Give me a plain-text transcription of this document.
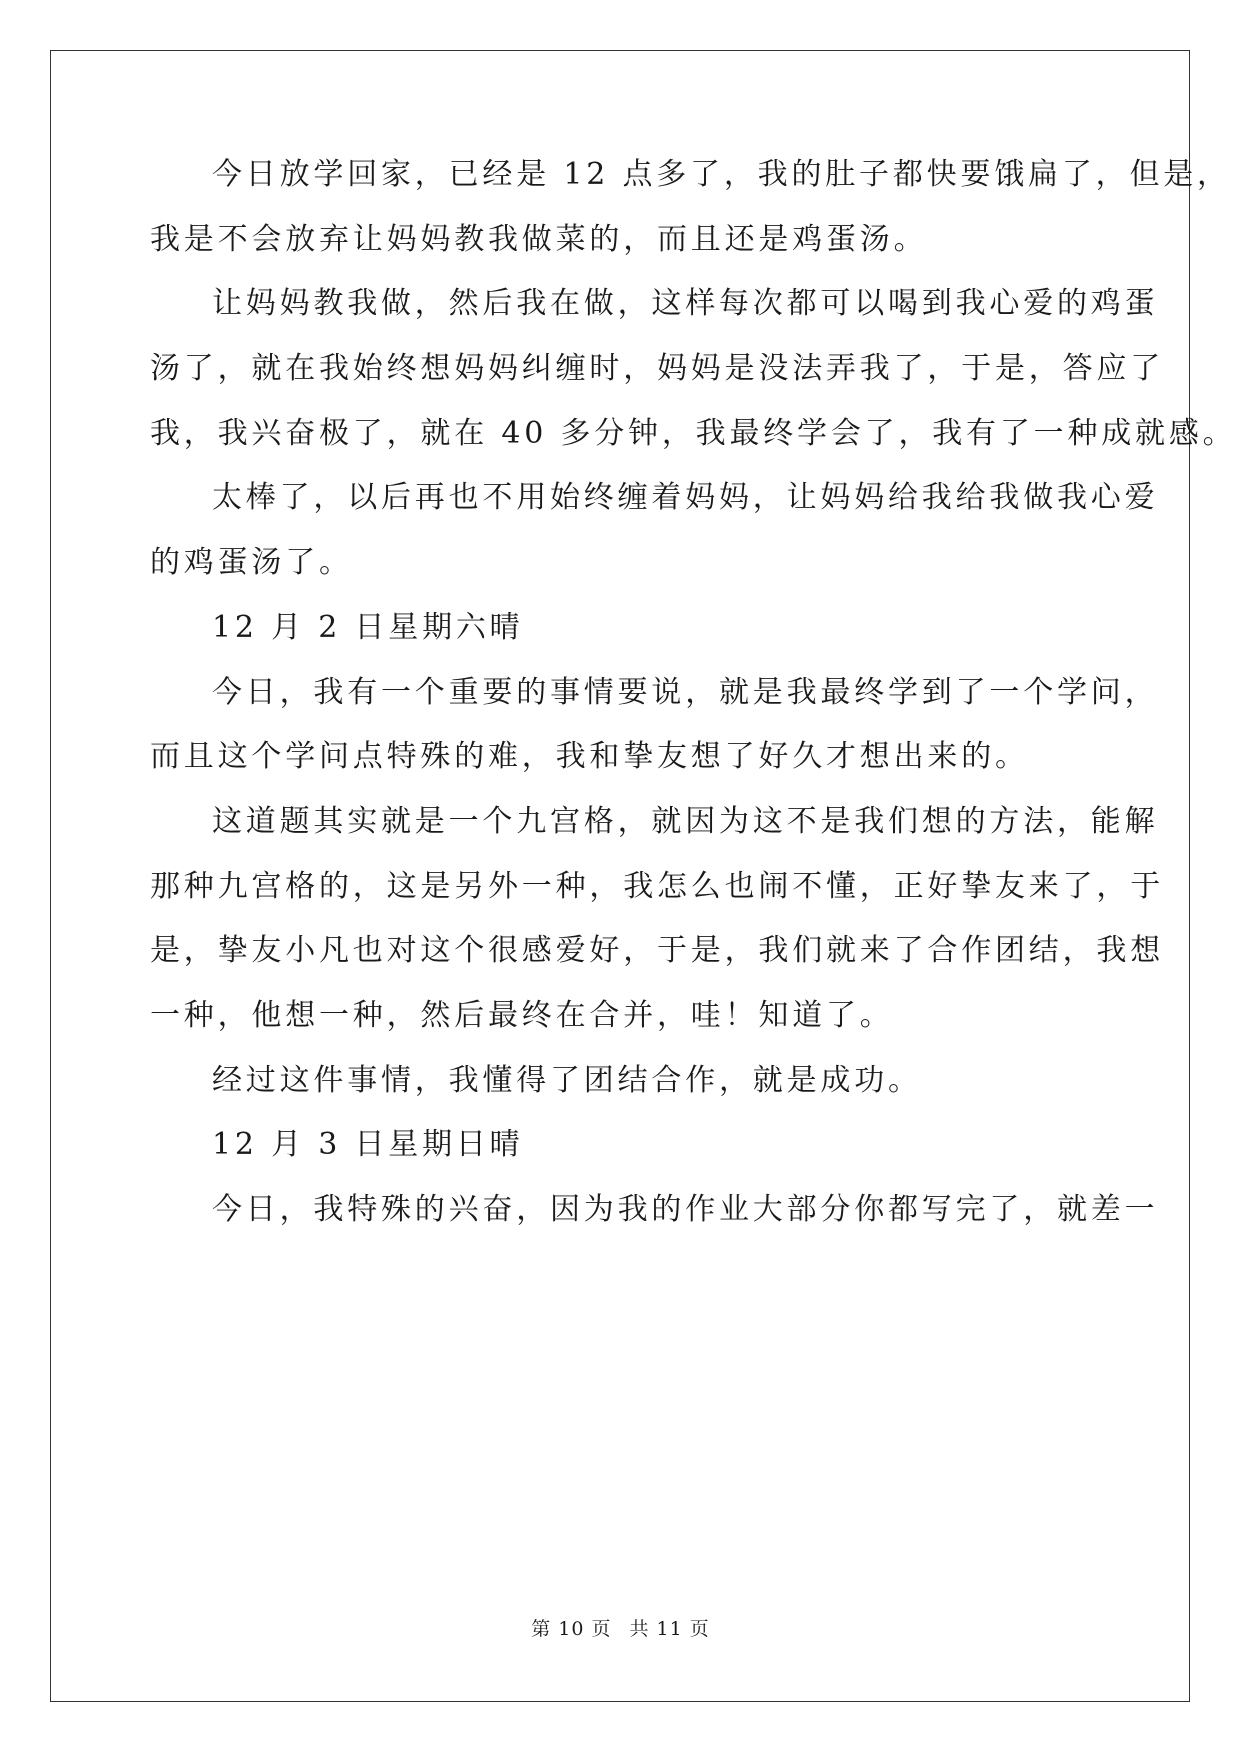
今日放学回家，已经是 12 点多了，我的肚子都快要饿扁了，但是，
我是不会放弃让妈妈教我做菜的，而且还是鸡蛋汤。
让妈妈教我做，然后我在做，这样每次都可以喝到我心爱的鸡蛋
汤了，就在我始终想妈妈纠缠时，妈妈是没法弄我了，于是，答应了
我，我兴奋极了，就在 40 多分钟，我最终学会了，我有了一种成就感。
太棒了，以后再也不用始终缠着妈妈，让妈妈给我给我做我心爱
的鸡蛋汤了。
12 月 2 日星期六晴
今日，我有一个重要的事情要说，就是我最终学到了一个学问，
而且这个学问点特殊的难，我和挚友想了好久才想出来的。
这道题其实就是一个九宫格，就因为这不是我们想的方法，能解
那种九宫格的，这是另外一种，我怎么也闹不懂，正好挚友来了，于
是，挚友小凡也对这个很感爱好，于是，我们就来了合作团结，我想
一种，他想一种，然后最终在合并，哇！知道了。
经过这件事情，我懂得了团结合作，就是成功。
12 月 3 日星期日晴
今日，我特殊的兴奋，因为我的作业大部分你都写完了，就差一
第 10 页 共 11 页
